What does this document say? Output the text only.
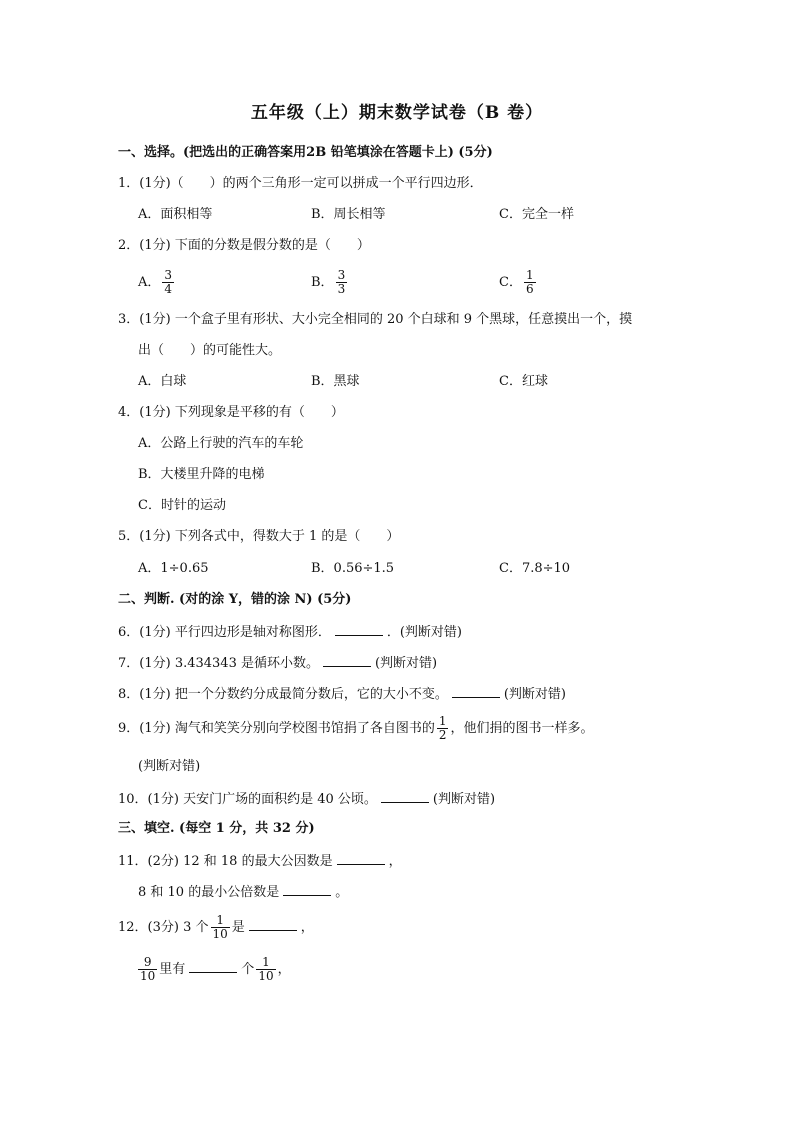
五年级（上）期末数学试卷（B 卷）
一、选择。(把选出的正确答案用2B 铅笔填涂在答题卡上) (5分)
1．(1分)（　　）的两个三角形一定可以拼成一个平行四边形．
A．面积相等	B．周长相等	C．完全一样
2．(1分) 下面的分数是假分数的是（　　）
A． $\frac{3}{4}$	B． $\frac{3}{3}$	C． $\frac{1}{6}$
3．(1分) 一个盒子里有形状、大小完全相同的 20 个白球和 9 个黑球，任意摸出一个，摸
出（　　）的可能性大。
A．白球	B．黑球	C．红球
4．(1分) 下列现象是平移的有（　　）
A．公路上行驶的汽车的车轮
B．大楼里升降的电梯
C．时针的运动
5．(1分) 下列各式中，得数大于 1 的是（　　）
A．1÷0.65	B．0.56÷1.5	C．7.8÷10
二、判断. (对的涂 Y，错的涂 N) (5分)
6．(1分) 平行四边形是轴对称图形．	．(判断对错)
7．(1分) 3.434343 是循环小数。	(判断对错)
8．(1分) 把一个分数约分成最简分数后，它的大小不变。	(判断对错)
9．(1分) 淘气和笑笑分别向学校图书馆捐了各自图书的 $\frac{1}{2}$ ，他们捐的图书一样多。
(判断对错)
10．(1分) 天安门广场的面积约是 40 公顷。	(判断对错)
三、填空. (每空 1 分，共 32 分)
11．(2分) 12 和 18 的最大公因数是	，
8 和 10 的最小公倍数是	。
12．(3分) 3 个 $\frac{1}{10}$ 是	，
$\frac{9}{10}$ 里有	个 $\frac{1}{10}$ ，
